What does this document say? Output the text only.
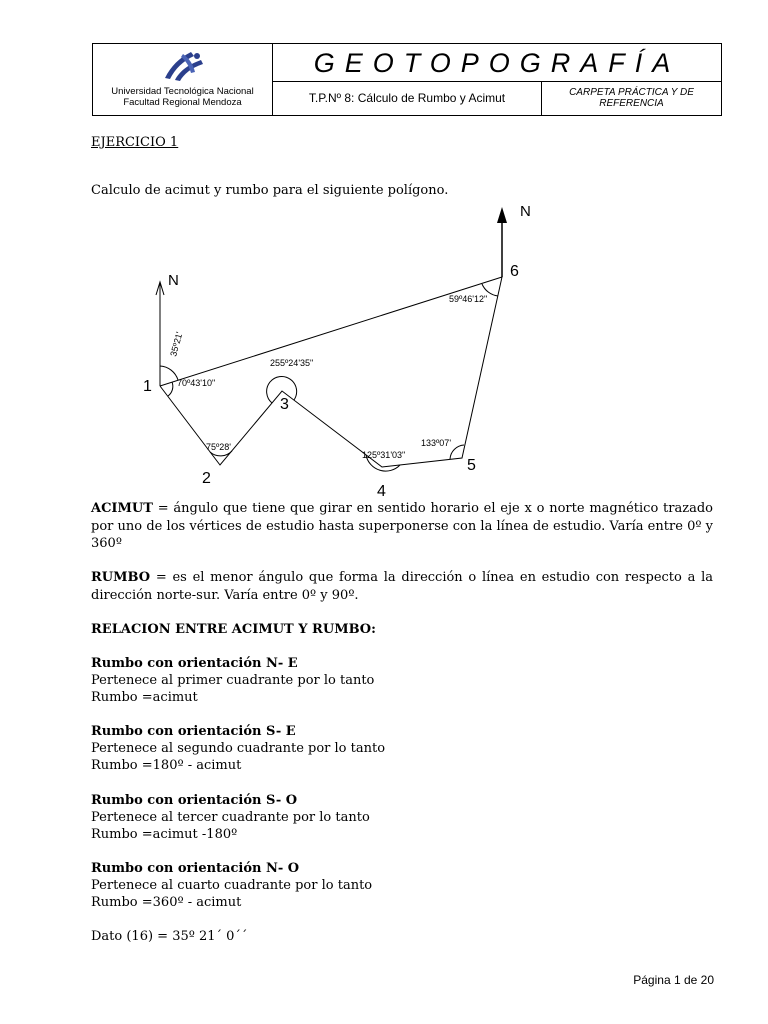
Universidad Tecnológica Nacional
Facultad Regional Mendoza
GEOTOPOGRAFÍA
T.P.Nº 8: Cálculo de Rumbo y Acimut	CARPETA PRÁCTICA Y DE
REFERENCIA
EJERCICIO 1
Calculo de acimut y rumbo para el siguiente polígono.
N
N
1
2
3
4
5
6
35º21'
70º43'10"
75º28'
255º24'35"
125º31'03"
133º07'
59º46'12"
ACIMUT = ángulo que tiene que girar en sentido horario el eje x o norte magnético trazado por uno de los vértices de estudio hasta superponerse con la línea de estudio. Varía entre 0º y 360º
RUMBO = es el menor ángulo que forma la dirección o línea en estudio con respecto a la dirección norte-sur. Varía entre 0º y 90º.
RELACION ENTRE ACIMUT Y RUMBO:
Rumbo con orientación N- E
Pertenece al primer cuadrante por lo tanto
Rumbo =acimut
Rumbo con orientación S- E
Pertenece al segundo cuadrante por lo tanto
Rumbo =180º - acimut
Rumbo con orientación S- O
Pertenece al tercer cuadrante por lo tanto
Rumbo =acimut -180º
Rumbo con orientación N- O
Pertenece al cuarto cuadrante por lo tanto
Rumbo =360º - acimut
Dato (16) = 35º 21´ 0´´
Página 1 de 20
